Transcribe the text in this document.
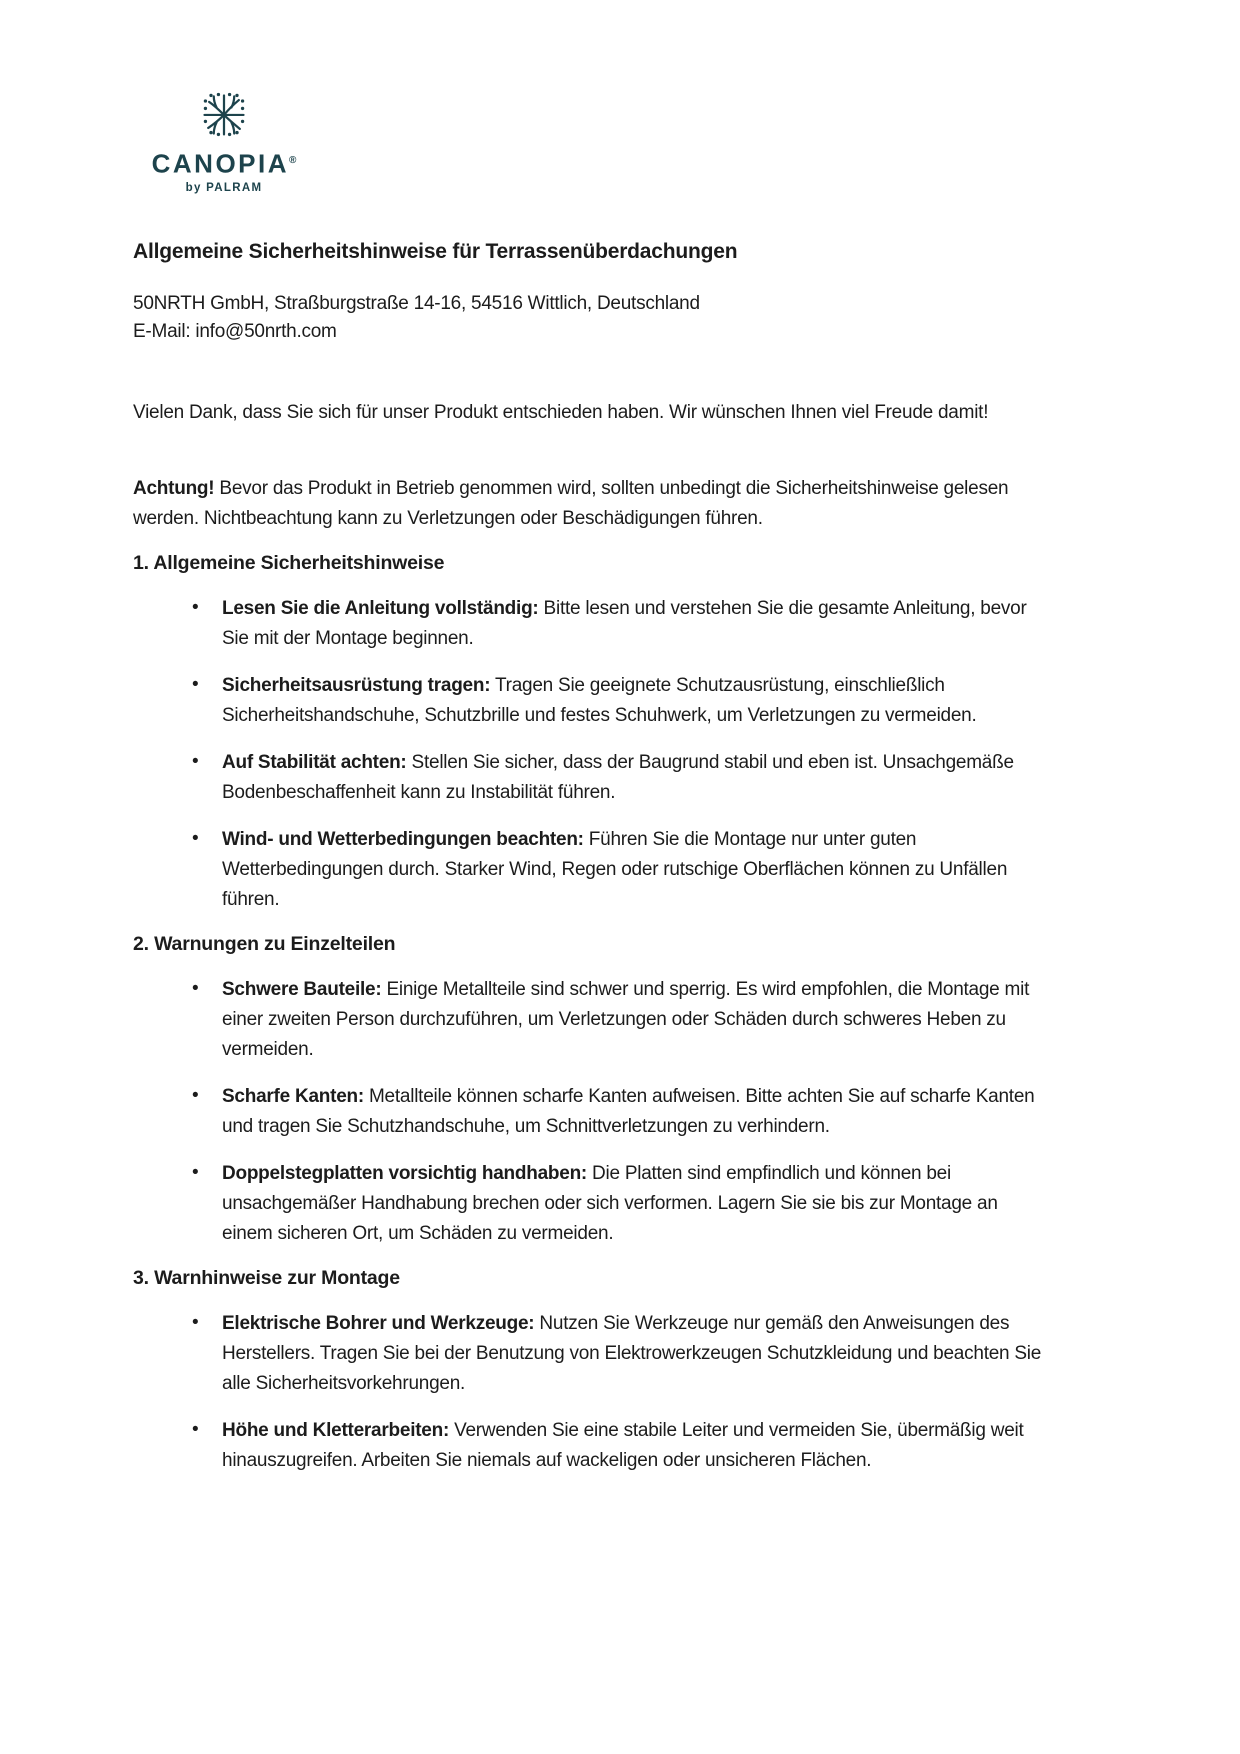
CANOPIA®
by PALRAM
Allgemeine Sicherheitshinweise für Terrassenüberdachungen

50NRTH GmbH, Straßburgstraße 14-16, 54516 Wittlich, Deutschland

E-Mail: info@50nrth.com

Vielen Dank, dass Sie sich für unser Produkt entschieden haben. Wir wünschen Ihnen viel Freude damit!

Achtung! Bevor das Produkt in Betrieb genommen wird, sollten unbedingt die Sicherheitshinweise gelesen werden. Nichtbeachtung kann zu Verletzungen oder Beschädigungen führen.

1. Allgemeine Sicherheitshinweise
• Lesen Sie die Anleitung vollständig: Bitte lesen und verstehen Sie die gesamte Anleitung, bevor Sie mit der Montage beginnen.
• Sicherheitsausrüstung tragen: Tragen Sie geeignete Schutzausrüstung, einschließlich Sicherheitshandschuhe, Schutzbrille und festes Schuhwerk, um Verletzungen zu vermeiden.
• Auf Stabilität achten: Stellen Sie sicher, dass der Baugrund stabil und eben ist. Unsachgemäße Bodenbeschaffenheit kann zu Instabilität führen.
• Wind- und Wetterbedingungen beachten: Führen Sie die Montage nur unter guten Wetterbedingungen durch. Starker Wind, Regen oder rutschige Oberflächen können zu Unfällen führen.
2. Warnungen zu Einzelteilen
• Schwere Bauteile: Einige Metallteile sind schwer und sperrig. Es wird empfohlen, die Montage mit einer zweiten Person durchzuführen, um Verletzungen oder Schäden durch schweres Heben zu vermeiden.
• Scharfe Kanten: Metallteile können scharfe Kanten aufweisen. Bitte achten Sie auf scharfe Kanten und tragen Sie Schutzhandschuhe, um Schnittverletzungen zu verhindern.
• Doppelstegplatten vorsichtig handhaben: Die Platten sind empfindlich und können bei unsachgemäßer Handhabung brechen oder sich verformen. Lagern Sie sie bis zur Montage an einem sicheren Ort, um Schäden zu vermeiden.
3. Warnhinweise zur Montage
• Elektrische Bohrer und Werkzeuge: Nutzen Sie Werkzeuge nur gemäß den Anweisungen des Herstellers. Tragen Sie bei der Benutzung von Elektrowerkzeugen Schutzkleidung und beachten Sie alle Sicherheitsvorkehrungen.
• Höhe und Kletterarbeiten: Verwenden Sie eine stabile Leiter und vermeiden Sie, übermäßig weit hinauszugreifen. Arbeiten Sie niemals auf wackeligen oder unsicheren Flächen.
